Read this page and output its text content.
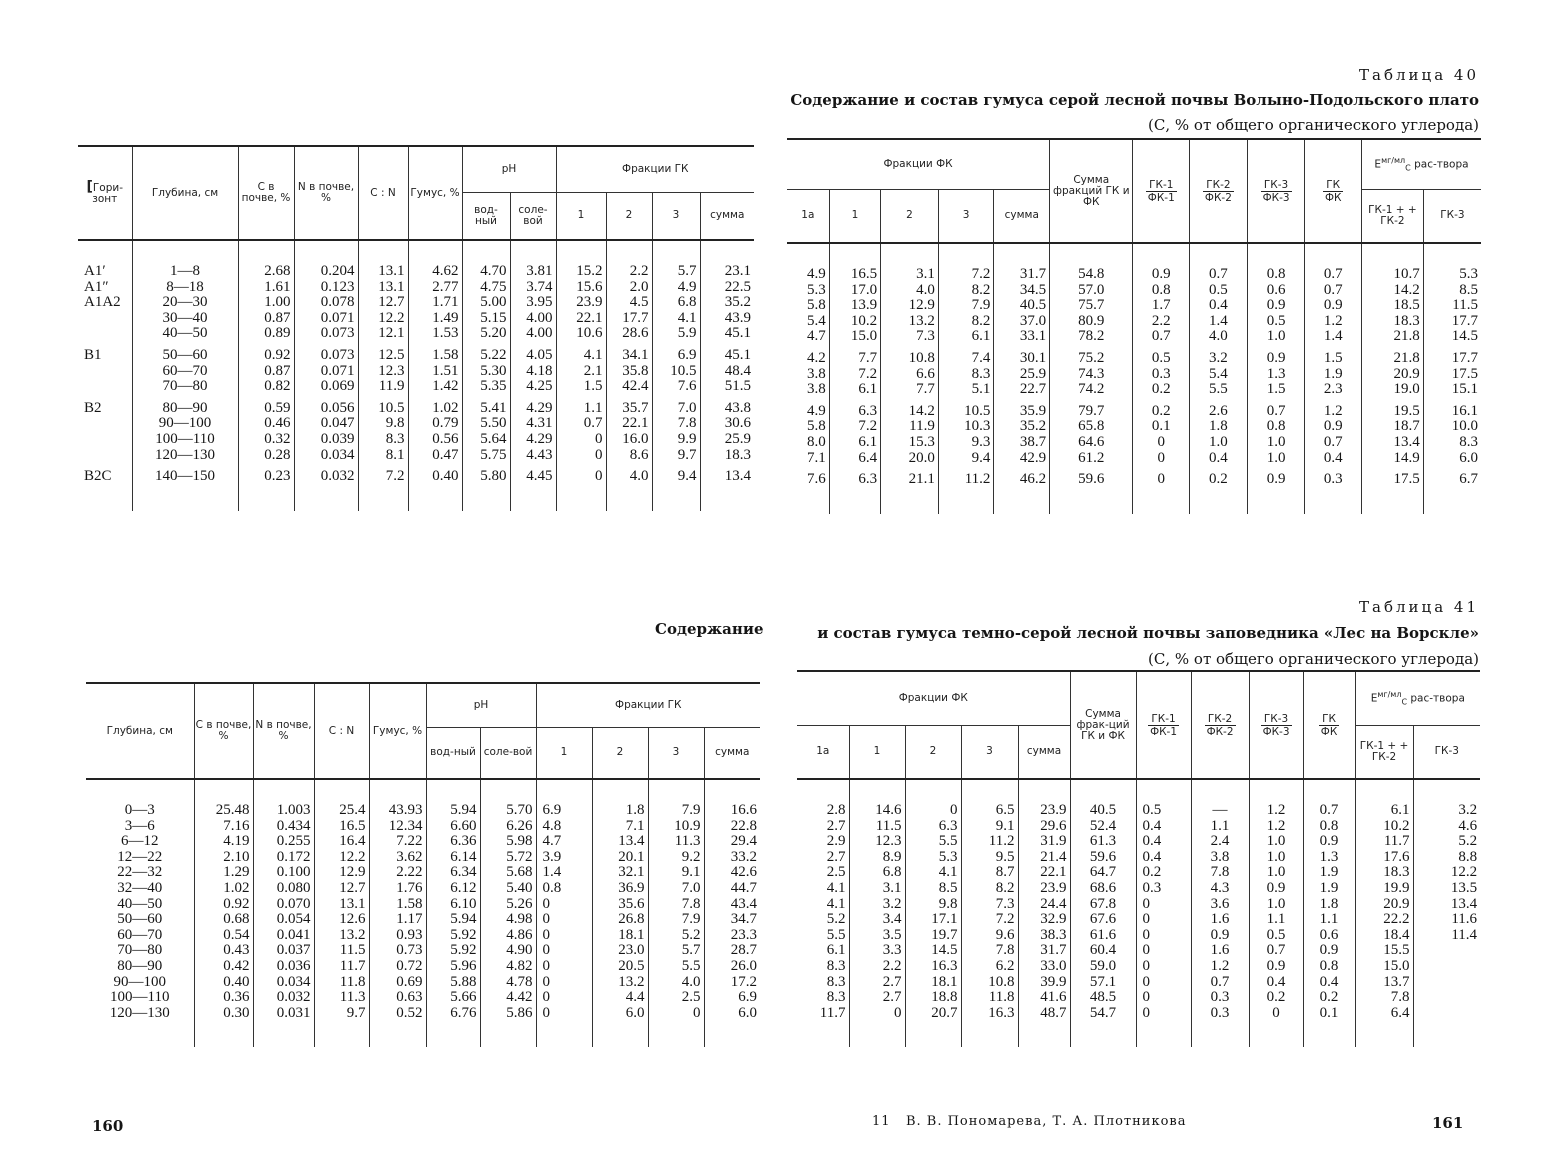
Таблица 40
Содержание и состав гумуса серой лесной почвы Волыно-Подольского плато
(С, % от общего органического углерода)
[Гори-зонт	Глубина, см	С в почве, %	N в почве, %	С : N	Гумус, %	pH		Фракции ГК			
						вод-ный	соле-вой	1	2	3	сумма

A1′	1—8	2.68	0.204	13.1	4.62	4.70	3.81	15.2	2.2	5.7	23.1
A1″	8—18	1.61	0.123	13.1	2.77	4.75	3.74	15.6	2.0	4.9	22.5
A1A2	20—30	1.00	0.078	12.7	1.71	5.00	3.95	23.9	4.5	6.8	35.2
	30—40	0.87	0.071	12.2	1.49	5.15	4.00	22.1	17.7	4.1	43.9
	40—50	0.89	0.073	12.1	1.53	5.20	4.00	10.6	28.6	5.9	45.1

B1	50—60	0.92	0.073	12.5	1.58	5.22	4.05	4.1	34.1	6.9	45.1
	60—70	0.87	0.071	12.3	1.51	5.30	4.18	2.1	35.8	10.5	48.4
	70—80	0.82	0.069	11.9	1.42	5.35	4.25	1.5	42.4	7.6	51.5

B2	80—90	0.59	0.056	10.5	1.02	5.41	4.29	1.1	35.7	7.0	43.8
	90—100	0.46	0.047	9.8	0.79	5.50	4.31	0.7	22.1	7.8	30.6
	100—110	0.32	0.039	8.3	0.56	5.64	4.29	0	16.0	9.9	25.9
	120—130	0.28	0.034	8.1	0.47	5.75	4.43	0	8.6	9.7	18.3

B2C	140—150	0.23	0.032	7.2	0.40	5.80	4.45	0	4.0	9.4	13.4

Фракции ФК					Сумма фракций ГК и ФК	$\frac{ГК-1}{ФК-1}$	$\frac{ГК-2}{ФК-2}$	$\frac{ГК-3}{ФК-3}$	$\frac{ГК}{ФК}$	$E^{мг/мл}_С$ рас-твора	
1а	1	2	3	сумма						ГК-1 + + ГК-2	ГК-3

4.9	16.5	3.1	7.2	31.7	54.8	0.9	0.7	0.8	0.7	10.7	5.3
5.3	17.0	4.0	8.2	34.5	57.0	0.8	0.5	0.6	0.7	14.2	8.5
5.8	13.9	12.9	7.9	40.5	75.7	1.7	0.4	0.9	0.9	18.5	11.5
5.4	10.2	13.2	8.2	37.0	80.9	2.2	1.4	0.5	1.2	18.3	17.7
4.7	15.0	7.3	6.1	33.1	78.2	0.7	4.0	1.0	1.4	21.8	14.5

4.2	7.7	10.8	7.4	30.1	75.2	0.5	3.2	0.9	1.5	21.8	17.7
3.8	7.2	6.6	8.3	25.9	74.3	0.3	5.4	1.3	1.9	20.9	17.5
3.8	6.1	7.7	5.1	22.7	74.2	0.2	5.5	1.5	2.3	19.0	15.1

4.9	6.3	14.2	10.5	35.9	79.7	0.2	2.6	0.7	1.2	19.5	16.1
5.8	7.2	11.9	10.3	35.2	65.8	0.1	1.8	0.8	0.9	18.7	10.0
8.0	6.1	15.3	9.3	38.7	64.6	0	1.0	1.0	0.7	13.4	8.3
7.1	6.4	20.0	9.4	42.9	61.2	0	0.4	1.0	0.4	14.9	6.0

7.6	6.3	21.1	11.2	46.2	59.6	0	0.2	0.9	0.3	17.5	6.7

Таблица 41
Содержание	и состав гумуса темно-серой лесной почвы заповедника «Лес на Ворскле»
(С, % от общего органического углерода)
Глубина, см	С в почве, %	N в почве, %	С : N	Гумус, %	pH		Фракции ГК			
					вод-ный	соле-вой	1	2	3	сумма

0—3	25.48	1.003	25.4	43.93	5.94	5.70	6.9	1.8	7.9	16.6
3—6	7.16	0.434	16.5	12.34	6.60	6.26	4.8	7.1	10.9	22.8
6—12	4.19	0.255	16.4	7.22	6.36	5.98	4.7	13.4	11.3	29.4
12—22	2.10	0.172	12.2	3.62	6.14	5.72	3.9	20.1	9.2	33.2
22—32	1.29	0.100	12.9	2.22	6.34	5.68	1.4	32.1	9.1	42.6
32—40	1.02	0.080	12.7	1.76	6.12	5.40	0.8	36.9	7.0	44.7
40—50	0.92	0.070	13.1	1.58	6.10	5.26	0	35.6	7.8	43.4
50—60	0.68	0.054	12.6	1.17	5.94	4.98	0	26.8	7.9	34.7
60—70	0.54	0.041	13.2	0.93	5.92	4.86	0	18.1	5.2	23.3
70—80	0.43	0.037	11.5	0.73	5.92	4.90	0	23.0	5.7	28.7
80—90	0.42	0.036	11.7	0.72	5.96	4.82	0	20.5	5.5	26.0
90—100	0.40	0.034	11.8	0.69	5.88	4.78	0	13.2	4.0	17.2
100—110	0.36	0.032	11.3	0.63	5.66	4.42	0	4.4	2.5	6.9
120—130	0.30	0.031	9.7	0.52	6.76	5.86	0	6.0	0	6.0

Фракции ФК					Сумма фрак-ций ГК и ФК	$\frac{ГК-1}{ФК-1}$	$\frac{ГК-2}{ФК-2}$	$\frac{ГК-3}{ФК-3}$	$\frac{ГК}{ФК}$	$E^{мг/мл}_С$ рас-твора	
1а	1	2	3	сумма						ГК-1 + + ГК-2	ГК-3

2.8	14.6	0	6.5	23.9	40.5	0.5	—	1.2	0.7	6.1	3.2
2.7	11.5	6.3	9.1	29.6	52.4	0.4	1.1	1.2	0.8	10.2	4.6
2.9	12.3	5.5	11.2	31.9	61.3	0.4	2.4	1.0	0.9	11.7	5.2
2.7	8.9	5.3	9.5	21.4	59.6	0.4	3.8	1.0	1.3	17.6	8.8
2.5	6.8	4.1	8.7	22.1	64.7	0.2	7.8	1.0	1.9	18.3	12.2
4.1	3.1	8.5	8.2	23.9	68.6	0.3	4.3	0.9	1.9	19.9	13.5
4.1	3.2	9.8	7.3	24.4	67.8	0	3.6	1.0	1.8	20.9	13.4
5.2	3.4	17.1	7.2	32.9	67.6	0	1.6	1.1	1.1	22.2	11.6
5.5	3.5	19.7	9.6	38.3	61.6	0	0.9	0.5	0.6	18.4	11.4
6.1	3.3	14.5	7.8	31.7	60.4	0	1.6	0.7	0.9	15.5	
8.3	2.2	16.3	6.2	33.0	59.0	0	1.2	0.9	0.8	15.0	
8.3	2.7	18.1	10.8	39.9	57.1	0	0.7	0.4	0.4	13.7	
8.3	2.7	18.8	11.8	41.6	48.5	0	0.3	0.2	0.2	7.8	
11.7	0	20.7	16.3	48.7	54.7	0	0.3	0	0.1	6.4	

160	11 В. В. Пономарева, Т. А. Плотникова	161
